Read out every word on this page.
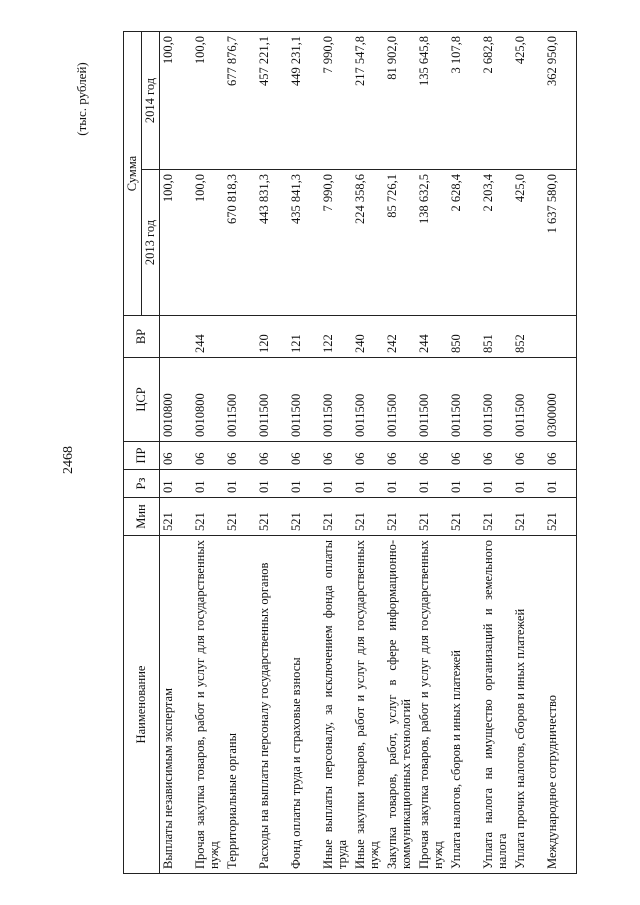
2468
(тыс. рублей)
Наименование	Мин	Рз	ПР	ЦСР	ВР	Сумма	
						2013 год	2014 год
Выплаты независимым экспертам	521	01	06	0010800		100,0	100,0
Прочая закупка товаров, работ и услуг для государственных нужд	521	01	06	0010800	244	100,0	100,0
Территориальные органы	521	01	06	0011500		670 818,3	677 876,7
Расходы на выплаты персоналу государственных органов	521	01	06	0011500	120	443 831,3	457 221,1
Фонд оплаты труда и страховые взносы	521	01	06	0011500	121	435 841,3	449 231,1
Иные выплаты персоналу, за исключением фонда оплаты труда	521	01	06	0011500	122	7 990,0	7 990,0
Иные закупки товаров, работ и услуг для государственных нужд	521	01	06	0011500	240	224 358,6	217 547,8
Закупка товаров, работ, услуг в сфере информационно-коммуникационных технологий	521	01	06	0011500	242	85 726,1	81 902,0
Прочая закупка товаров, работ и услуг для государственных нужд	521	01	06	0011500	244	138 632,5	135 645,8
Уплата налогов, сборов и иных платежей	521	01	06	0011500	850	2 628,4	3 107,8
Уплата налога на имущество организаций и земельного налога	521	01	06	0011500	851	2 203,4	2 682,8
Уплата прочих налогов, сборов и иных платежей	521	01	06	0011500	852	425,0	425,0
Международное сотрудничество	521	01	06	0300000		1 637 580,0	362 950,0
